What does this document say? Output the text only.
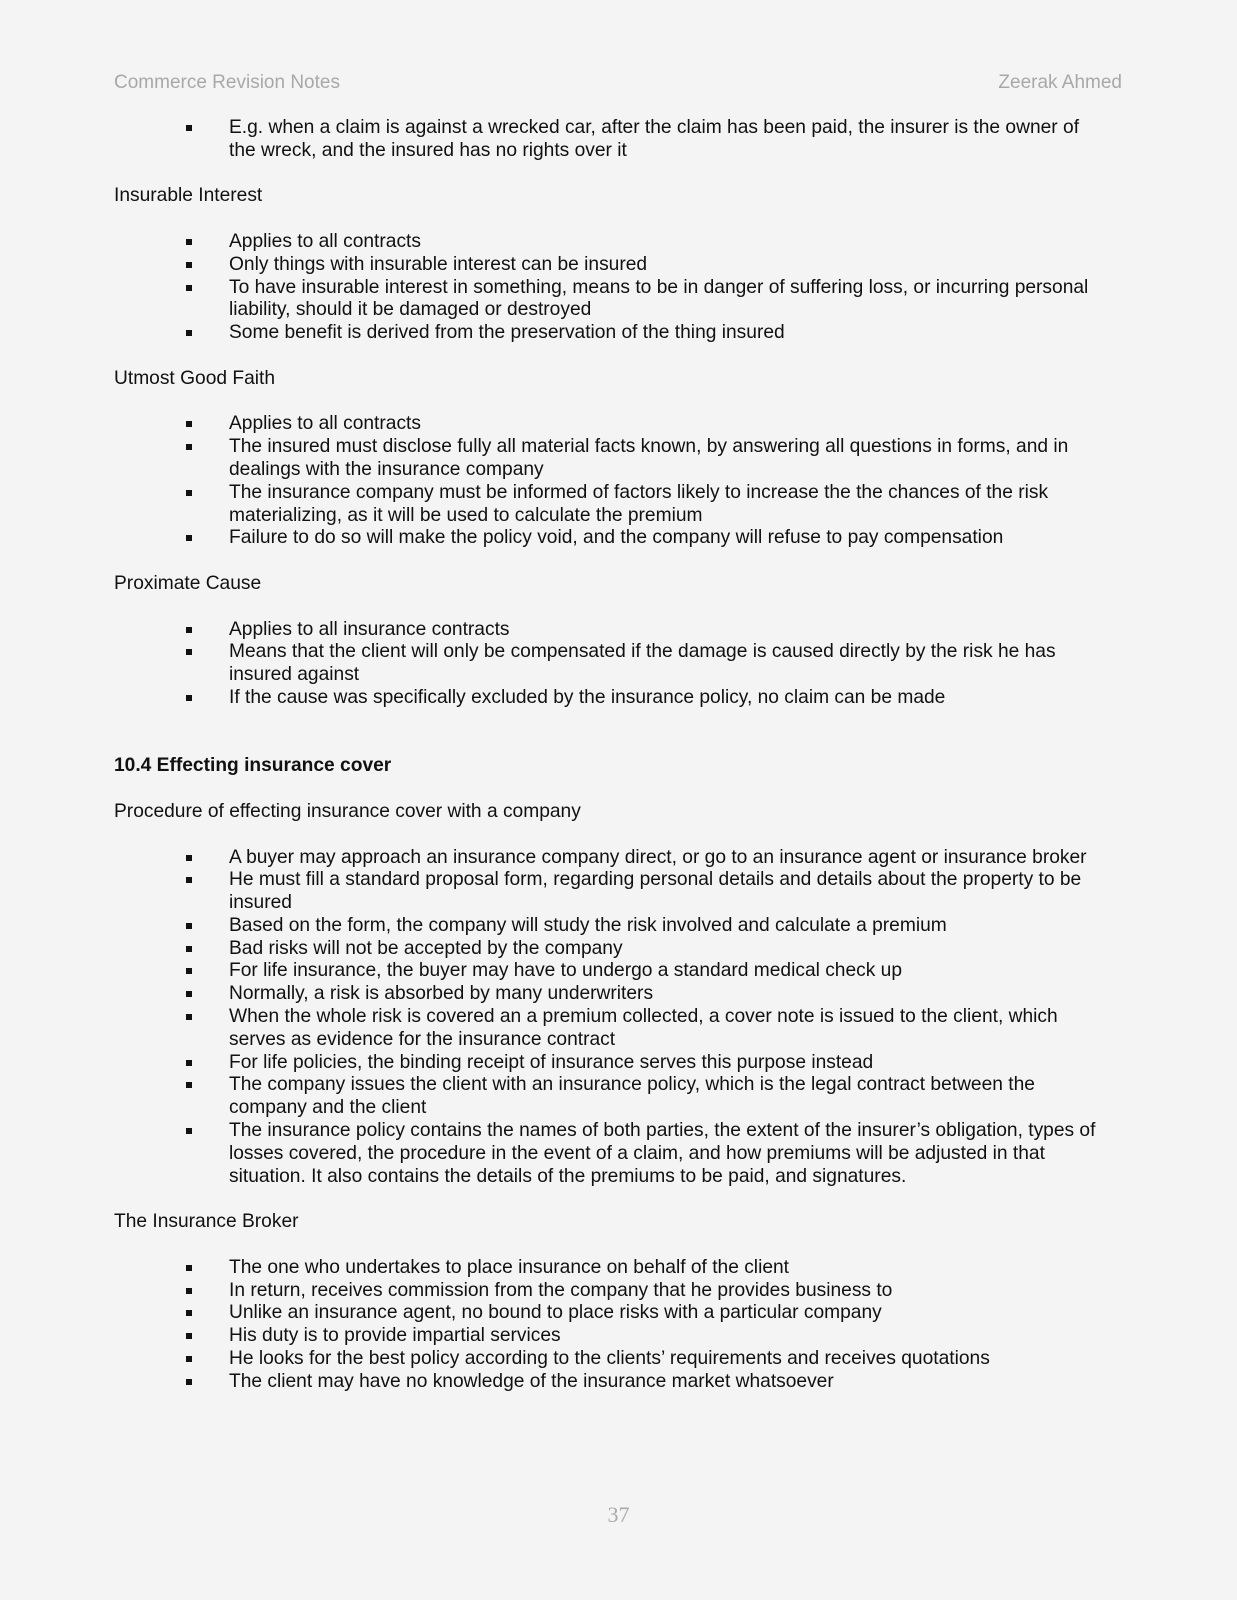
Commerce Revision Notes	Zeerak Ahmed
E.g. when a claim is against a wrecked car, after the claim has been paid, the insurer is the owner of the wreck, and the insured has no rights over it
Insurable Interest
Applies to all contracts
Only things with insurable interest can be insured
To have insurable interest in something, means to be in danger of suffering loss, or incurring personal liability, should it be damaged or destroyed
Some benefit is derived from the preservation of the thing insured
Utmost Good Faith
Applies to all contracts
The insured must disclose fully all material facts known, by answering all questions in forms, and in dealings with the insurance company
The insurance company must be informed of factors likely to increase the the chances of the risk materializing, as it will be used to calculate the premium
Failure to do so will make the policy void, and the company will refuse to pay compensation
Proximate Cause
Applies to all insurance contracts
Means that the client will only be compensated if the damage is caused directly by the risk he has insured against
If the cause was specifically excluded by the insurance policy, no claim can be made
10.4 Effecting insurance cover
Procedure of effecting insurance cover with a company
A buyer may approach an insurance company direct, or go to an insurance agent or insurance broker
He must fill a standard proposal form, regarding personal details and details about the property to be insured
Based on the form, the company will study the risk involved and calculate a premium
Bad risks will not be accepted by the company
For life insurance, the buyer may have to undergo a standard medical check up
Normally, a risk is absorbed by many underwriters
When the whole risk is covered an a premium collected, a cover note is issued to the client, which serves as evidence for the insurance contract
For life policies, the binding receipt of insurance serves this purpose instead
The company issues the client with an insurance policy, which is the legal contract between the company and the client
The insurance policy contains the names of both parties, the extent of the insurer’s obligation, types of losses covered, the procedure in the event of a claim, and how premiums will be adjusted in that situation. It also contains the details of the premiums to be paid, and signatures.
The Insurance Broker
The one who undertakes to place insurance on behalf of the client
In return, receives commission from the company that he provides business to
Unlike an insurance agent, no bound to place risks with a particular company
His duty is to provide impartial services
He looks for the best policy according to the clients’ requirements and receives quotations
The client may have no knowledge of the insurance market whatsoever
37
